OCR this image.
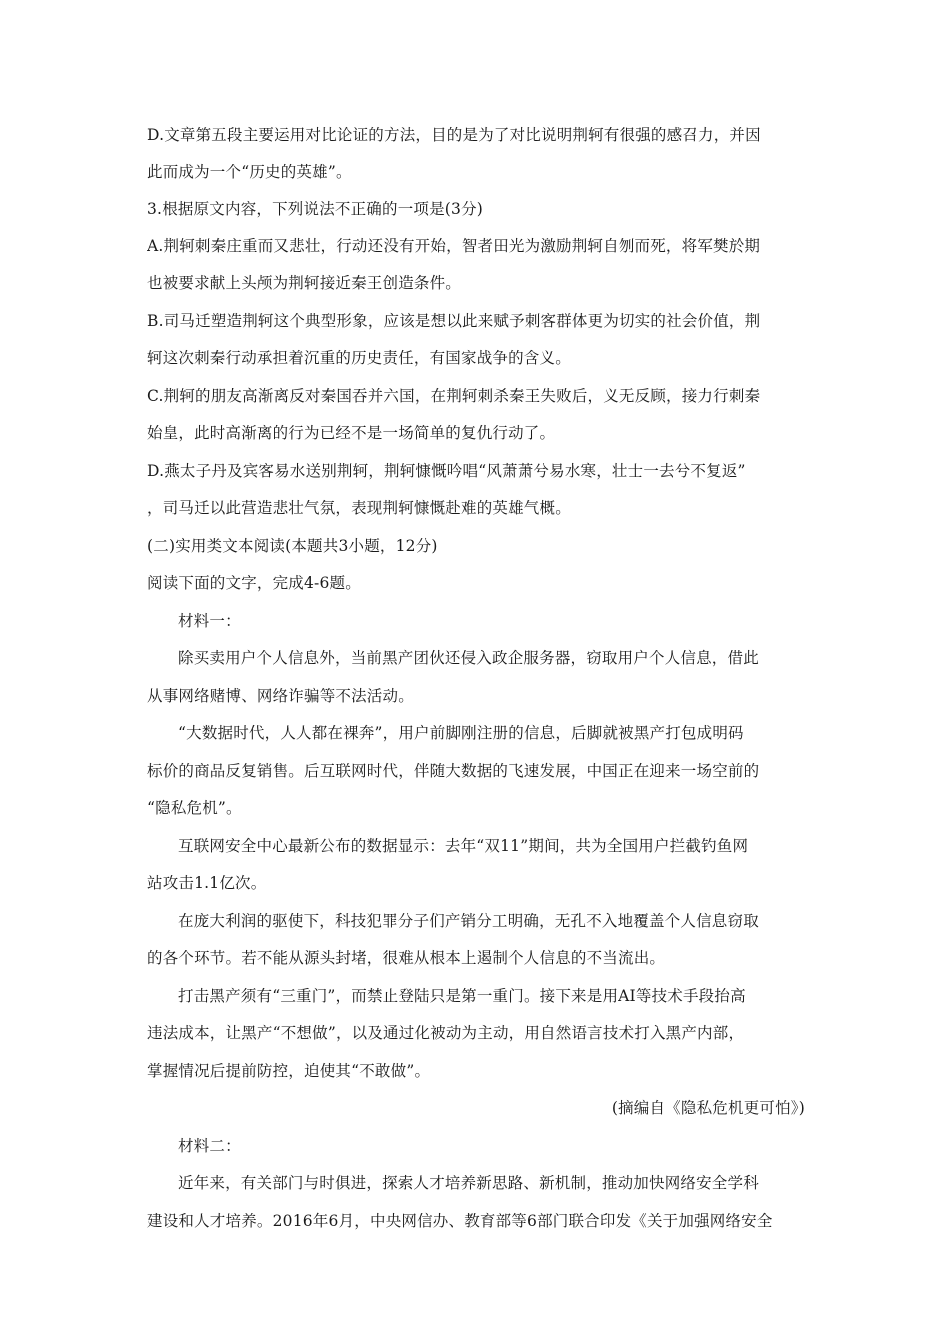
D.文章第五段主要运用对比论证的方法，目的是为了对比说明荆轲有很强的感召力，并因
此而成为一个“历史的英雄”。
3.根据原文内容，下列说法不正确的一项是(3分)
A.荆轲刺秦庄重而又悲壮，行动还没有开始，智者田光为激励荆轲自刎而死，将军樊於期
也被要求献上头颅为荆轲接近秦王创造条件。
B.司马迁塑造荆轲这个典型形象，应该是想以此来赋予刺客群体更为切实的社会价值，荆
轲这次刺秦行动承担着沉重的历史责任，有国家战争的含义。
C.荆轲的朋友高渐离反对秦国吞并六国，在荆轲刺杀秦王失败后，义无反顾，接力行刺秦
始皇，此时高渐离的行为已经不是一场简单的复仇行动了。
D.燕太子丹及宾客易水送别荆轲，荆轲慷慨吟唱“风萧萧兮易水寒，壮士一去兮不复返”
，司马迁以此营造悲壮气氛，表现荆轲慷慨赴难的英雄气概。
(二)实用类文本阅读(本题共3小题，12分)
阅读下面的文字，完成4-6题。
材料一：
除买卖用户个人信息外，当前黑产团伙还侵入政企服务器，窃取用户个人信息，借此
从事网络赌博、网络诈骗等不法活动。
“大数据时代，人人都在裸奔”，用户前脚刚注册的信息，后脚就被黑产打包成明码
标价的商品反复销售。后互联网时代，伴随大数据的飞速发展，中国正在迎来一场空前的
“隐私危机”。
互联网安全中心最新公布的数据显示：去年“双11”期间，共为全国用户拦截钓鱼网
站攻击1.1亿次。
在庞大利润的驱使下，科技犯罪分子们产销分工明确，无孔不入地覆盖个人信息窃取
的各个环节。若不能从源头封堵，很难从根本上遏制个人信息的不当流出。
打击黑产须有“三重门”，而禁止登陆只是第一重门。接下来是用AI等技术手段抬高
违法成本，让黑产“不想做”，以及通过化被动为主动，用自然语言技术打入黑产内部，
掌握情况后提前防控，迫使其“不敢做”。
(摘编自《隐私危机更可怕》)
材料二：
近年来，有关部门与时俱进，探索人才培养新思路、新机制，推动加快网络安全学科
建设和人才培养。2016年6月，中央网信办、教育部等6部门联合印发《关于加强网络安全
